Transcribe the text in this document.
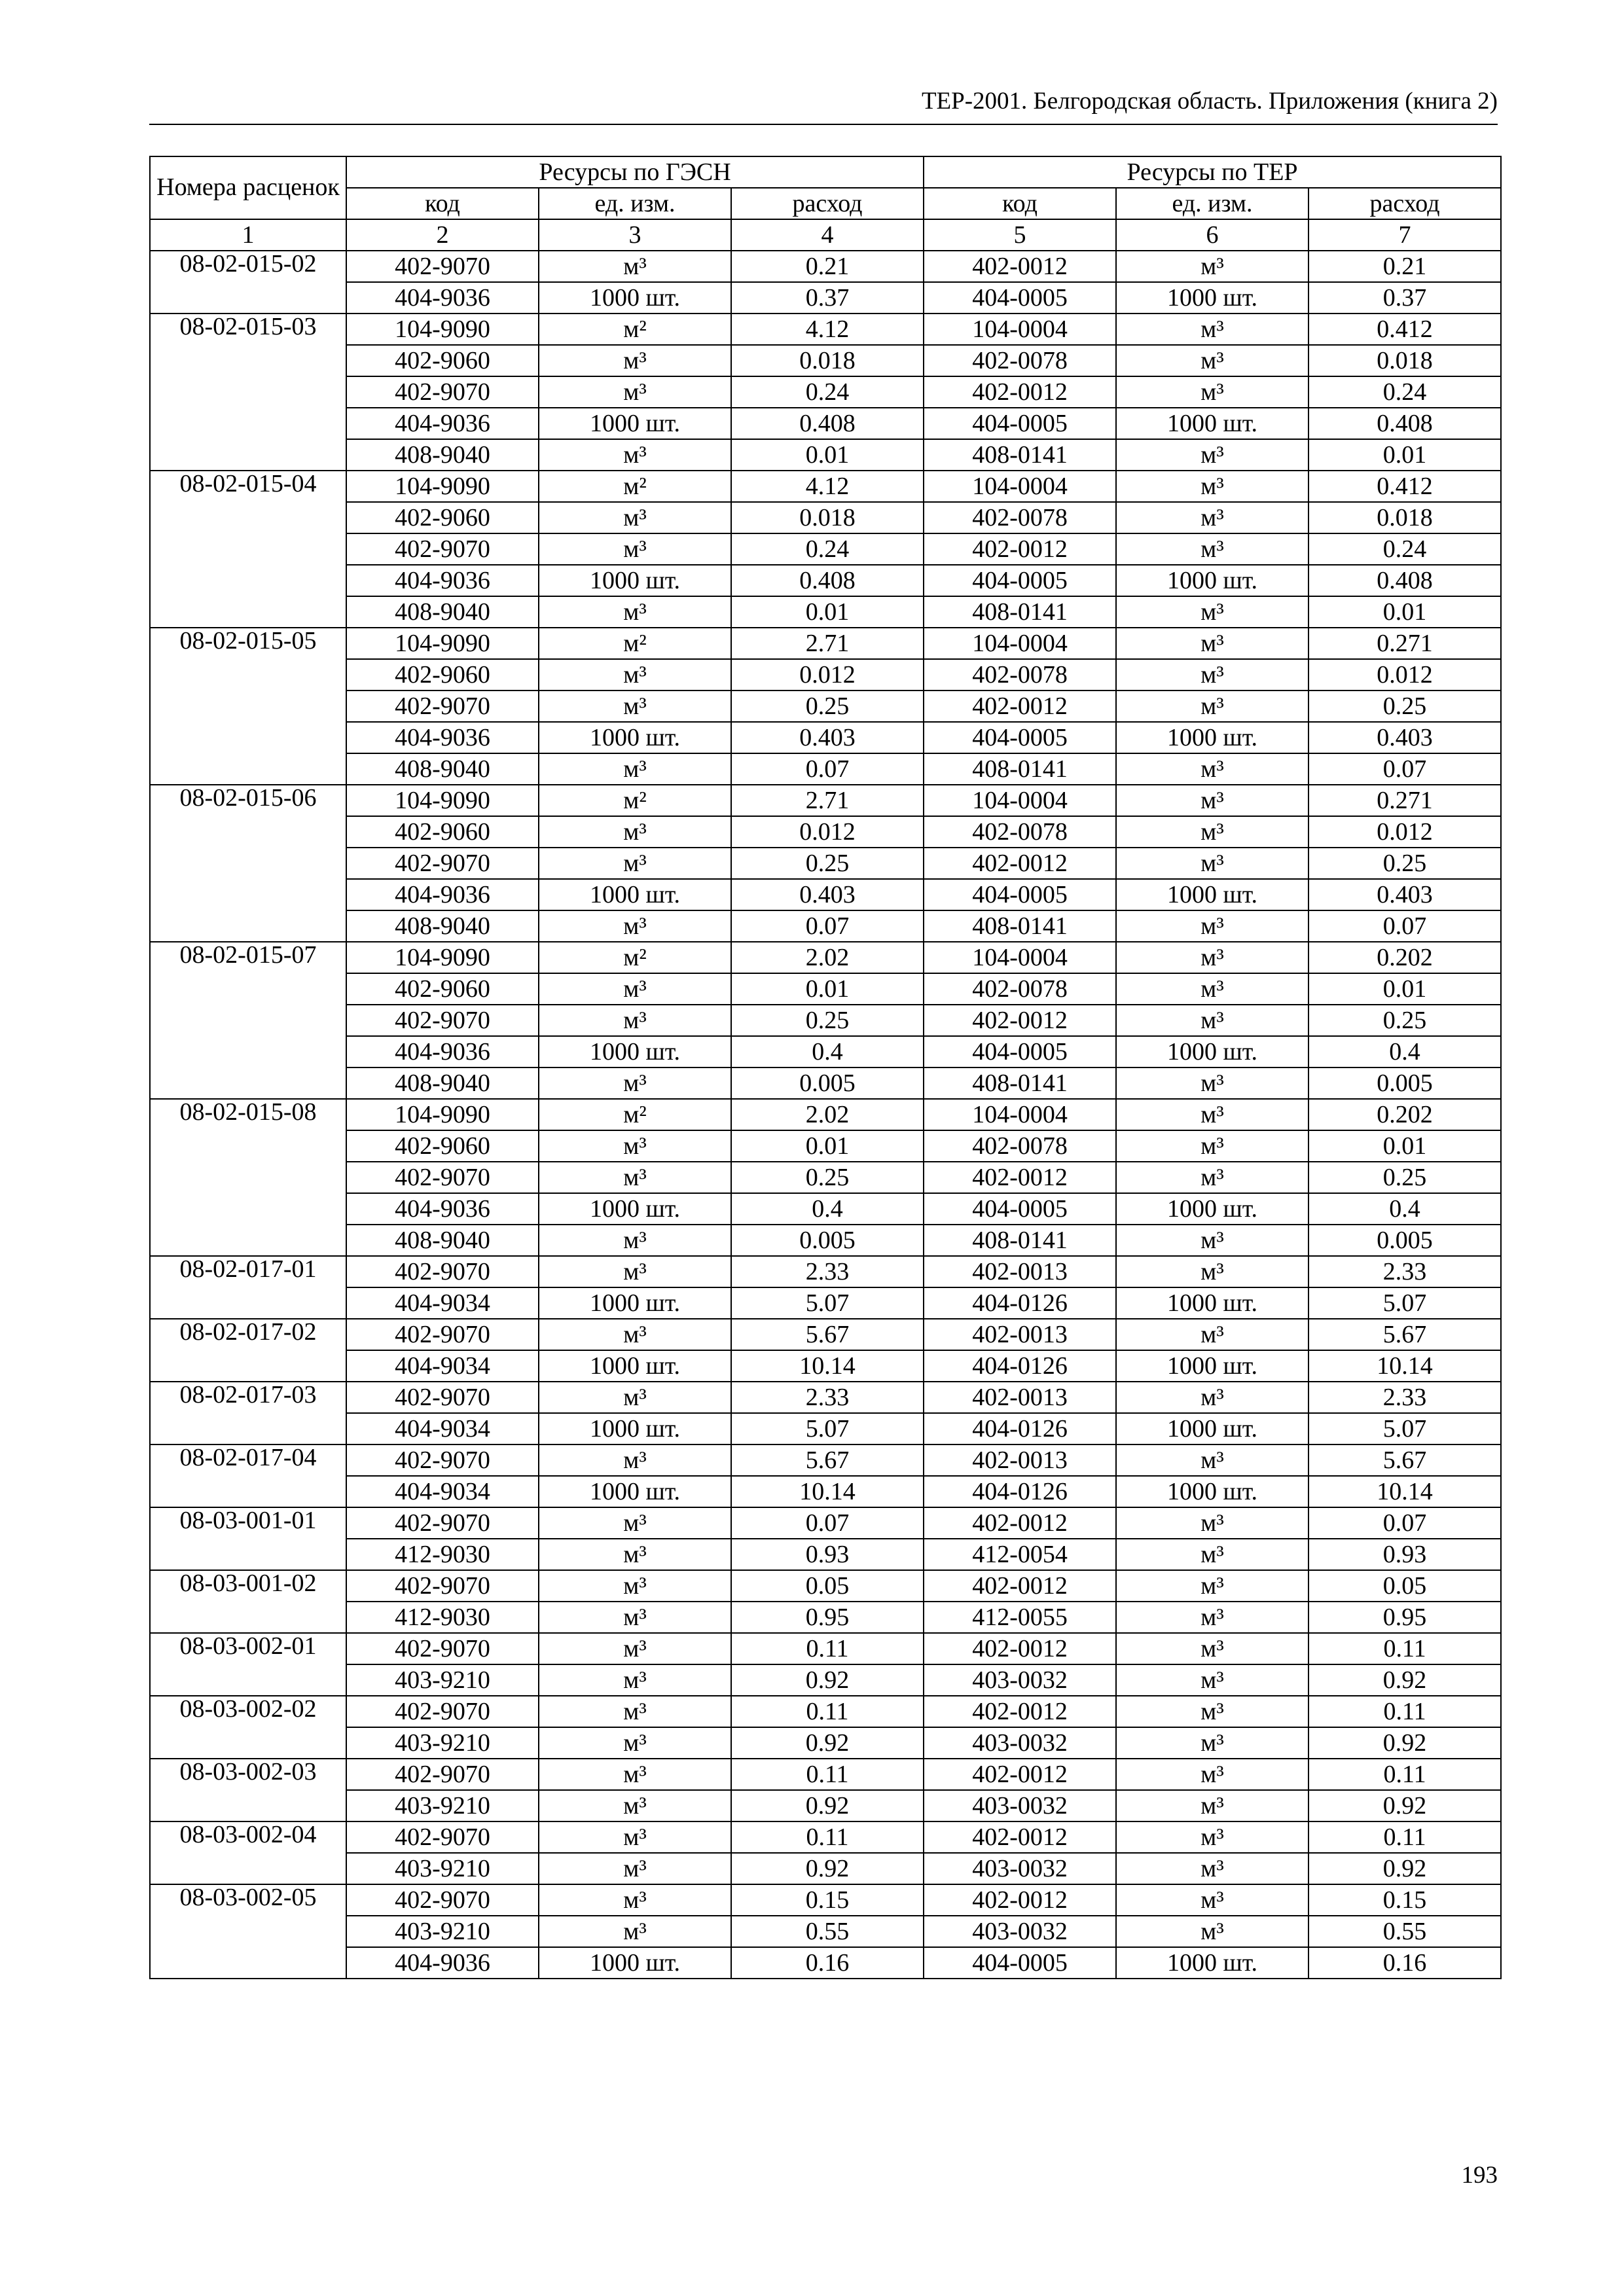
ТЕР-2001. Белгородская область. Приложения (книга 2)
Номера расценок	Ресурсы по ГЭСН			Ресурсы по ТЕР		
	код	ед. изм.	расход	код	ед. изм.	расход
1	2	3	4	5	6	7
08-02-015-02	402-9070	м³	0.21	402-0012	м³	0.21
	404-9036	1000 шт.	0.37	404-0005	1000 шт.	0.37
08-02-015-03	104-9090	м²	4.12	104-0004	м³	0.412
	402-9060	м³	0.018	402-0078	м³	0.018
	402-9070	м³	0.24	402-0012	м³	0.24
	404-9036	1000 шт.	0.408	404-0005	1000 шт.	0.408
	408-9040	м³	0.01	408-0141	м³	0.01
08-02-015-04	104-9090	м²	4.12	104-0004	м³	0.412
	402-9060	м³	0.018	402-0078	м³	0.018
	402-9070	м³	0.24	402-0012	м³	0.24
	404-9036	1000 шт.	0.408	404-0005	1000 шт.	0.408
	408-9040	м³	0.01	408-0141	м³	0.01
08-02-015-05	104-9090	м²	2.71	104-0004	м³	0.271
	402-9060	м³	0.012	402-0078	м³	0.012
	402-9070	м³	0.25	402-0012	м³	0.25
	404-9036	1000 шт.	0.403	404-0005	1000 шт.	0.403
	408-9040	м³	0.07	408-0141	м³	0.07
08-02-015-06	104-9090	м²	2.71	104-0004	м³	0.271
	402-9060	м³	0.012	402-0078	м³	0.012
	402-9070	м³	0.25	402-0012	м³	0.25
	404-9036	1000 шт.	0.403	404-0005	1000 шт.	0.403
	408-9040	м³	0.07	408-0141	м³	0.07
08-02-015-07	104-9090	м²	2.02	104-0004	м³	0.202
	402-9060	м³	0.01	402-0078	м³	0.01
	402-9070	м³	0.25	402-0012	м³	0.25
	404-9036	1000 шт.	0.4	404-0005	1000 шт.	0.4
	408-9040	м³	0.005	408-0141	м³	0.005
08-02-015-08	104-9090	м²	2.02	104-0004	м³	0.202
	402-9060	м³	0.01	402-0078	м³	0.01
	402-9070	м³	0.25	402-0012	м³	0.25
	404-9036	1000 шт.	0.4	404-0005	1000 шт.	0.4
	408-9040	м³	0.005	408-0141	м³	0.005
08-02-017-01	402-9070	м³	2.33	402-0013	м³	2.33
	404-9034	1000 шт.	5.07	404-0126	1000 шт.	5.07
08-02-017-02	402-9070	м³	5.67	402-0013	м³	5.67
	404-9034	1000 шт.	10.14	404-0126	1000 шт.	10.14
08-02-017-03	402-9070	м³	2.33	402-0013	м³	2.33
	404-9034	1000 шт.	5.07	404-0126	1000 шт.	5.07
08-02-017-04	402-9070	м³	5.67	402-0013	м³	5.67
	404-9034	1000 шт.	10.14	404-0126	1000 шт.	10.14
08-03-001-01	402-9070	м³	0.07	402-0012	м³	0.07
	412-9030	м³	0.93	412-0054	м³	0.93
08-03-001-02	402-9070	м³	0.05	402-0012	м³	0.05
	412-9030	м³	0.95	412-0055	м³	0.95
08-03-002-01	402-9070	м³	0.11	402-0012	м³	0.11
	403-9210	м³	0.92	403-0032	м³	0.92
08-03-002-02	402-9070	м³	0.11	402-0012	м³	0.11
	403-9210	м³	0.92	403-0032	м³	0.92
08-03-002-03	402-9070	м³	0.11	402-0012	м³	0.11
	403-9210	м³	0.92	403-0032	м³	0.92
08-03-002-04	402-9070	м³	0.11	402-0012	м³	0.11
	403-9210	м³	0.92	403-0032	м³	0.92
08-03-002-05	402-9070	м³	0.15	402-0012	м³	0.15
	403-9210	м³	0.55	403-0032	м³	0.55
	404-9036	1000 шт.	0.16	404-0005	1000 шт.	0.16
193
